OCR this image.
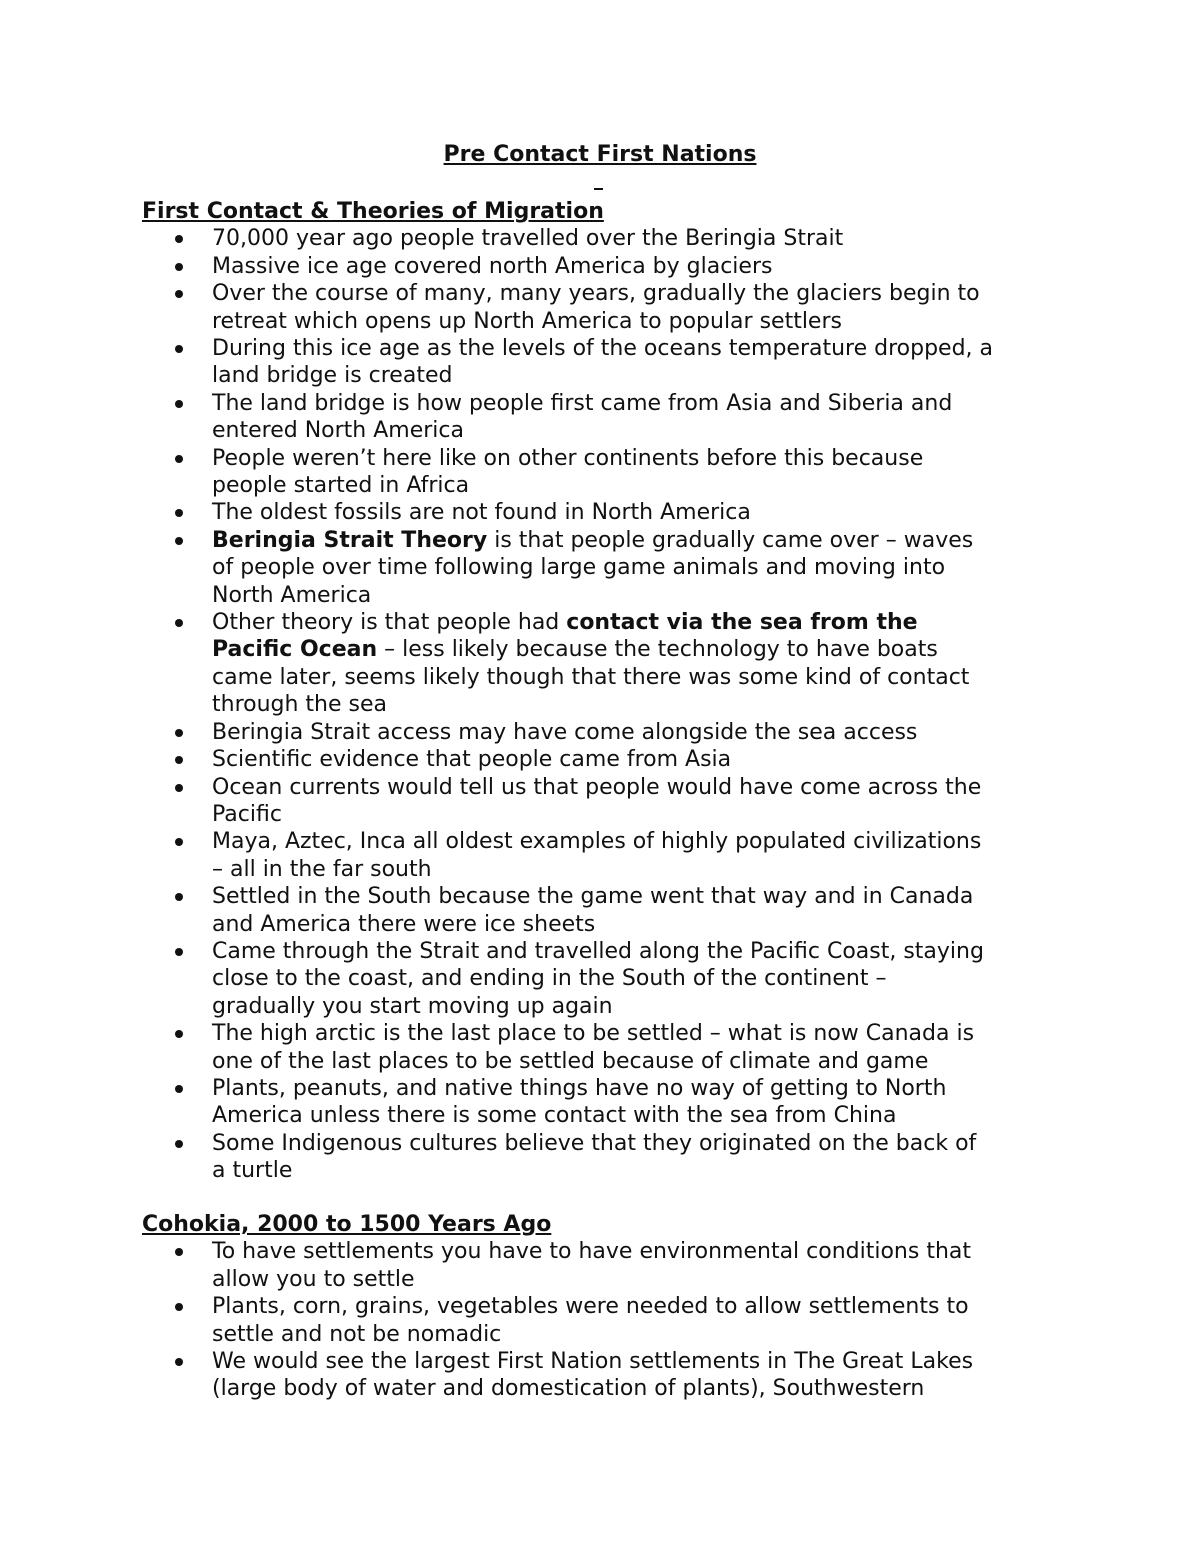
Pre Contact First Nations
First Contact & Theories of Migration
70,000 year ago people travelled over the Beringia Strait
Massive ice age covered north America by glaciers
Over the course of many, many years, gradually the glaciers begin to
retreat which opens up North America to popular settlers
During this ice age as the levels of the oceans temperature dropped, a
land bridge is created
The land bridge is how people first came from Asia and Siberia and
entered North America
People weren’t here like on other continents before this because
people started in Africa
The oldest fossils are not found in North America
Beringia Strait Theory is that people gradually came over – waves
of people over time following large game animals and moving into
North America
Other theory is that people had contact via the sea from the
Pacific Ocean – less likely because the technology to have boats
came later, seems likely though that there was some kind of contact
through the sea
Beringia Strait access may have come alongside the sea access
Scientific evidence that people came from Asia
Ocean currents would tell us that people would have come across the
Pacific
Maya, Aztec, Inca all oldest examples of highly populated civilizations
– all in the far south
Settled in the South because the game went that way and in Canada
and America there were ice sheets
Came through the Strait and travelled along the Pacific Coast, staying
close to the coast, and ending in the South of the continent –
gradually you start moving up again
The high arctic is the last place to be settled – what is now Canada is
one of the last places to be settled because of climate and game
Plants, peanuts, and native things have no way of getting to North
America unless there is some contact with the sea from China
Some Indigenous cultures believe that they originated on the back of
a turtle
Cohokia, 2000 to 1500 Years Ago
To have settlements you have to have environmental conditions that
allow you to settle
Plants, corn, grains, vegetables were needed to allow settlements to
settle and not be nomadic
We would see the largest First Nation settlements in The Great Lakes
(large body of water and domestication of plants), Southwestern
